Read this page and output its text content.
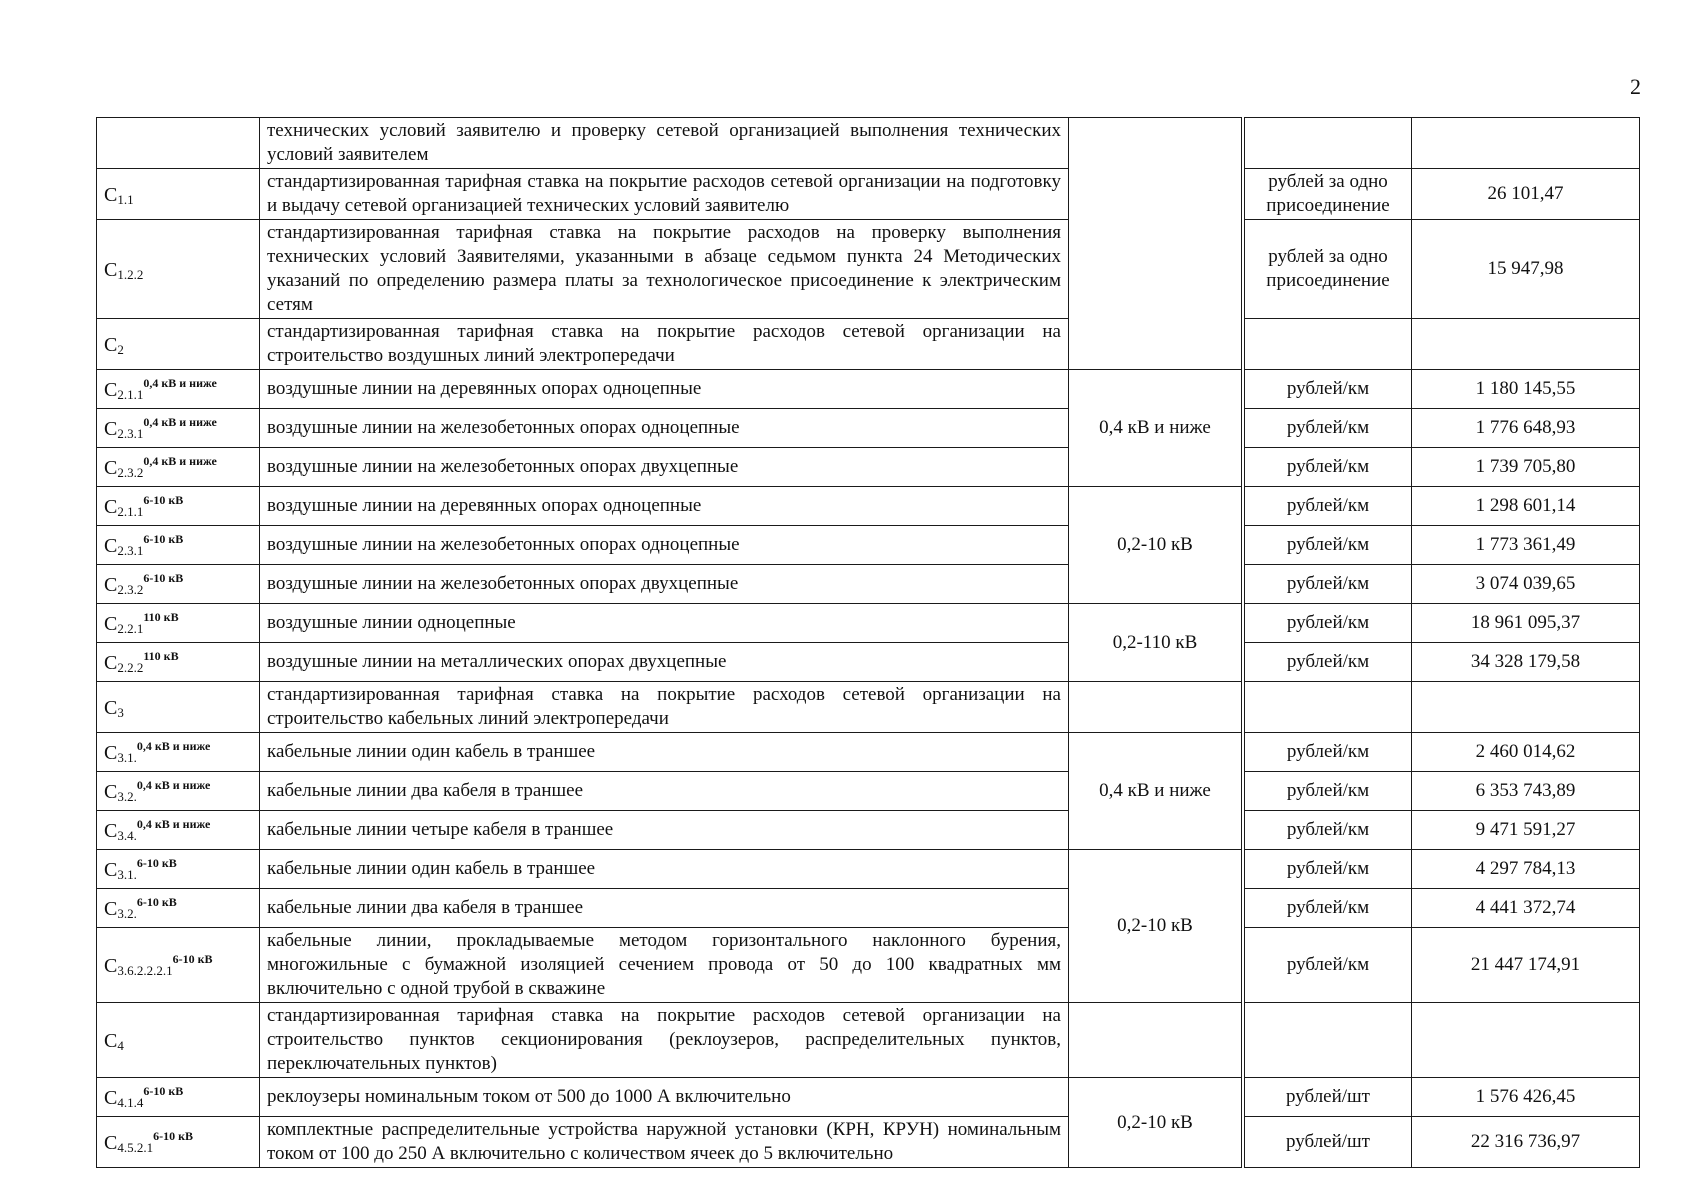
2
	технических условий заявителю и проверку сетевой организацией выполнения технических условий заявителем				
$C_{1.1}$	стандартизированная тарифная ставка на покрытие расходов сетевой организации на подготовку и выдачу сетевой организацией технических условий заявителю			рублей за одно присоединение	26 101,47
$C_{1.2.2}$	стандартизированная тарифная ставка на покрытие расходов на проверку выполнения технических условий Заявителями, указанными в абзаце седьмом пункта 24 Методических указаний по определению размера платы за технологическое присоединение к электрическим сетям			рублей за одно присоединение	15 947,98
$C_2$	стандартизированная тарифная ставка на покрытие расходов сетевой организации на строительство воздушных линий электропередачи				
$C_{2.1.1}^{0,4 кВ и ниже}$	воздушные линии на деревянных опорах одноцепные	0,4 кВ и ниже		рублей/км	1 180 145,55
$C_{2.3.1}^{0,4 кВ и ниже}$	воздушные линии на железобетонных опорах одноцепные			рублей/км	1 776 648,93
$C_{2.3.2}^{0,4 кВ и ниже}$	воздушные линии на железобетонных опорах двухцепные			рублей/км	1 739 705,80
$C_{2.1.1}^{6-10 кВ}$	воздушные линии на деревянных опорах одноцепные	0,2-10 кВ		рублей/км	1 298 601,14
$C_{2.3.1}^{6-10 кВ}$	воздушные линии на железобетонных опорах одноцепные			рублей/км	1 773 361,49
$C_{2.3.2}^{6-10 кВ}$	воздушные линии на железобетонных опорах двухцепные			рублей/км	3 074 039,65
$C_{2.2.1}^{110 кВ}$	воздушные линии одноцепные	0,2-110 кВ		рублей/км	18 961 095,37
$C_{2.2.2}^{110 кВ}$	воздушные линии на металлических опорах двухцепные			рублей/км	34 328 179,58
$C_3$	стандартизированная тарифная ставка на покрытие расходов сетевой организации на строительство кабельных линий электропередачи				
$C_{3.1.}^{0,4 кВ и ниже}$	кабельные линии один кабель в траншее	0,4 кВ и ниже		рублей/км	2 460 014,62
$C_{3.2.}^{0,4 кВ и ниже}$	кабельные линии два кабеля в траншее			рублей/км	6 353 743,89
$C_{3.4.}^{0,4 кВ и ниже}$	кабельные линии четыре кабеля в траншее			рублей/км	9 471 591,27
$C_{3.1.}^{6-10 кВ}$	кабельные линии один кабель в траншее	0,2-10 кВ		рублей/км	4 297 784,13
$C_{3.2.}^{6-10 кВ}$	кабельные линии два кабеля в траншее			рублей/км	4 441 372,74
$C_{3.6.2.2.2.1}^{6-10 кВ}$	кабельные линии, прокладываемые методом горизонтального наклонного бурения, многожильные с бумажной изоляцией сечением провода от 50 до 100 квадратных мм включительно с одной трубой в скважине			рублей/км	21 447 174,91
$C_4$	стандартизированная тарифная ставка на покрытие расходов сетевой организации на строительство пунктов секционирования (реклоузеров, распределительных пунктов, переключательных пунктов)				
$C_{4.1.4}^{6-10 кВ}$	реклоузеры номинальным током от 500 до 1000 А включительно	0,2-10 кВ		рублей/шт	1 576 426,45
$C_{4.5.2.1}^{6-10 кВ}$	комплектные распределительные устройства наружной установки (КРН, КРУН) номинальным током от 100 до 250 А включительно с количеством ячеек до 5 включительно			рублей/шт	22 316 736,97
